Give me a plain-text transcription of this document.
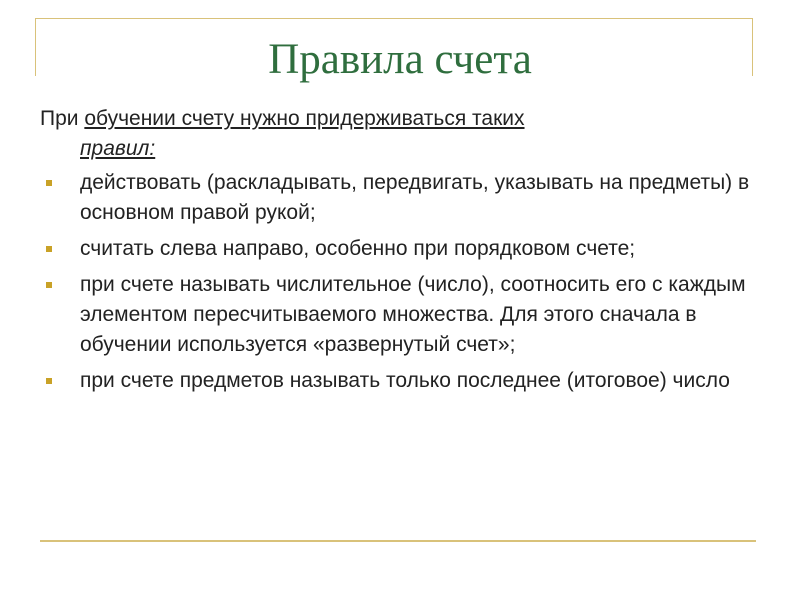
Правила счета
При обучении счету нужно придерживаться таких
правил:
действовать (раскладывать, передвигать, указывать на предметы) в основном правой рукой;
считать слева направо, особенно при порядковом счете;
при счете называть числительное (число), соотносить его с каждым элементом пересчитываемого множества. Для этого сначала в обучении используется «развернутый счет»;
при счете предметов называть только последнее (итоговое) число
